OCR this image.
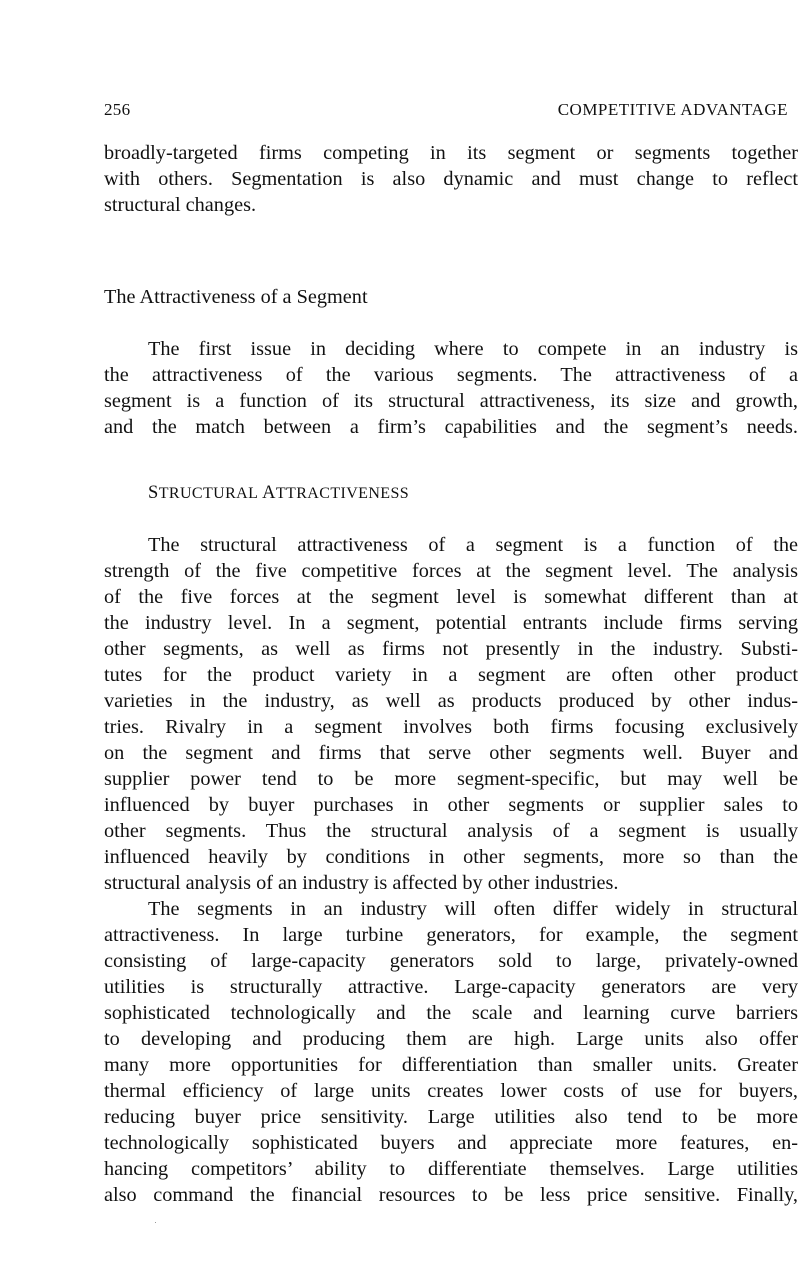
256	COMPETITIVE ADVANTAGE
broadly-targeted firms competing in its segment or segments together
with others. Segmentation is also dynamic and must change to reflect
structural changes.
The Attractiveness of a Segment
The first issue in deciding where to compete in an industry is
the attractiveness of the various segments. The attractiveness of a
segment is a function of its structural attractiveness, its size and growth,
and the match between a firm’s capabilities and the segment’s needs.
STRUCTURAL ATTRACTIVENESS
The structural attractiveness of a segment is a function of the
strength of the five competitive forces at the segment level. The analysis
of the five forces at the segment level is somewhat different than at
the industry level. In a segment, potential entrants include firms serving
other segments, as well as firms not presently in the industry. Substi-
tutes for the product variety in a segment are often other product
varieties in the industry, as well as products produced by other indus-
tries. Rivalry in a segment involves both firms focusing exclusively
on the segment and firms that serve other segments well. Buyer and
supplier power tend to be more segment-specific, but may well be
influenced by buyer purchases in other segments or supplier sales to
other segments. Thus the structural analysis of a segment is usually
influenced heavily by conditions in other segments, more so than the
structural analysis of an industry is affected by other industries.
The segments in an industry will often differ widely in structural
attractiveness. In large turbine generators, for example, the segment
consisting of large-capacity generators sold to large, privately-owned
utilities is structurally attractive. Large-capacity generators are very
sophisticated technologically and the scale and learning curve barriers
to developing and producing them are high. Large units also offer
many more opportunities for differentiation than smaller units. Greater
thermal efficiency of large units creates lower costs of use for buyers,
reducing buyer price sensitivity. Large utilities also tend to be more
technologically sophisticated buyers and appreciate more features, en-
hancing competitors’ ability to differentiate themselves. Large utilities
also command the financial resources to be less price sensitive. Finally,
